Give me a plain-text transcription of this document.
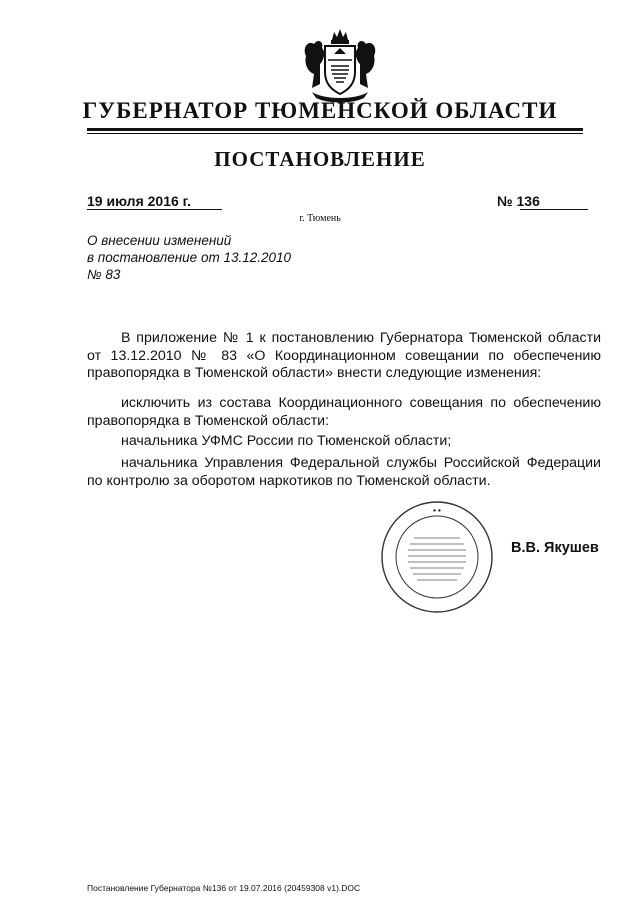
ГУБЕРНАТОР ТЮМЕНСКОЙ ОБЛАСТИ
ПОСТАНОВЛЕНИЕ
19 июля 2016 г.	№ 136
г. Тюмень
О внесении изменений
в постановление от 13.12.2010
№ 83
В приложение № 1 к постановлению Губернатора Тюменской области от 13.12.2010 № 83 «О Координационном совещании по обеспечению правопорядка в Тюменской области» внести следующие изменения:
исключить из состава Координационного совещания по обеспечению правопорядка в Тюменской области:
начальника УФМС России по Тюменской области;
начальника Управления Федеральной службы Российской Федерации по контролю за оборотом наркотиков по Тюменской области.
● ●
В.В. Якушев
Постановление Губернатора №136 от 19.07.2016 (20459308 v1).DOC
